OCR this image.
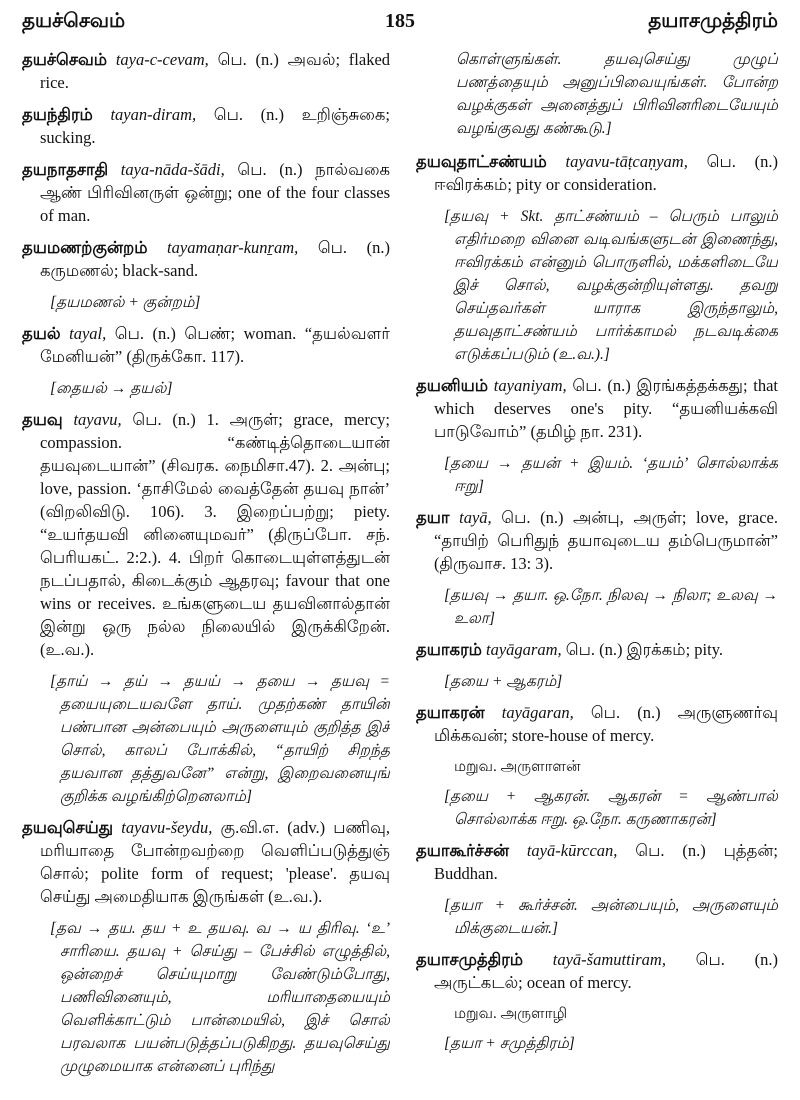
தயச்செவம்	185	தயாசமுத்திரம்

தயச்செவம் taya-c-cevam, பெ. (n.) அவல்; flaked rice.

தயந்திரம் tayan-diram, பெ. (n.) உறிஞ்சுகை; sucking.

தயநாதசாதி taya-nāda-šādi, பெ. (n.) நால்வகை ஆண் பிரிவினருள் ஒன்று; one of the four classes of man.

தயமணற்குன்றம் tayamaṇar-kunṟam, பெ. (n.) கருமணல்; black-sand.

[தயமணல் + குன்றம்]

தயல் tayal, பெ. (n.) பெண்; woman. “தயல்வளர் மேனியன்” (திருக்கோ. 117).

[தையல் → தயல்]

தயவு tayavu, பெ. (n.) 1. அருள்; grace, mercy; compassion. “கண்டித்தொடையான் தயவுடையான்” (சிவரக. நைமிசா.47). 2. அன்பு; love, passion. ‘தாசிமேல் வைத்தேன் தயவு நான்’ (விறலிவிடு. 106). 3. இறைப்பற்று; piety. “உயர்தயவி னினையுமவர்” (திருப்போ. சந். பெரியகட். 2:2.). 4. பிறர் கொடையுள்ளத்துடன் நடப்பதால், கிடைக்கும் ஆதரவு; favour that one wins or receives. உங்களுடைய தயவினால்தான் இன்று ஒரு நல்ல நிலையில் இருக்கிறேன். (உ.வ.).

[தாய் → தய் → தயய் → தயை → தயவு = தயையுடையவளே தாய். முதற்கண் தாயின் பண்பான அன்பையும் அருளையும் குறித்த இச் சொல், காலப் போக்கில், “தாயிற் சிறந்த தயவான தத்துவனே” என்று, இறைவனையுங் குறிக்க வழங்கிற்றெனலாம்]

தயவுசெய்து tayavu-šeydu, கு.வி.எ. (adv.) பணிவு, மரியாதை போன்றவற்றை வெளிப்படுத்துஞ் சொல்; polite form of request; 'please'. தயவு செய்து அமைதியாக இருங்கள் (உ.வ.).

[தவ → தய. தய + உ தயவு. வ → ய திரிவு. ‘உ’ சாரியை. தயவு + செய்து – பேச்சில் எழுத்தில், ஒன்றைச் செய்யுமாறு வேண்டும்போது, பணிவினையும், மரியாதையையும் வெளிக்காட்டும் பான்மையில், இச் சொல் பரவலாக பயன்படுத்தப்படுகிறது. தயவுசெய்து முழுமையாக என்னைப் புரிந்து

கொள்ளுங்கள். தயவுசெய்து முழுப் பணத்தையும் அனுப்பிவையுங்கள். போன்ற வழக்குகள் அனைத்துப் பிரிவினரிடையேயும் வழங்குவது கண்கூடு.]

தயவுதாட்சண்யம் tayavu-tāṭcaṇyam, பெ. (n.) ஈவிரக்கம்; pity or consideration.

[தயவு + Skt. தாட்சண்யம் – பெரும் பாலும் எதிர்மறை வினை வடிவங்களுடன் இணைந்து, ஈவிரக்கம் என்னும் பொருளில், மக்களிடையே இச் சொல், வழக்குன்றியுள்ளது. தவறு செய்தவர்கள் யாராக இருந்தாலும், தயவுதாட்சண்யம் பார்க்காமல் நடவடிக்கை எடுக்கப்படும் (உ.வ.).]

தயனியம் tayaniyam, பெ. (n.) இரங்கத்தக்கது; that which deserves one's pity. “தயனியக்கவி பாடுவோம்” (தமிழ் நா. 231).

[தயை → தயன் + இயம். ‘தயம்’ சொல்லாக்க ஈறு]

தயா tayā, பெ. (n.) அன்பு, அருள்; love, grace. “தாயிற் பெரிதுந் தயாவுடைய தம்பெருமான்” (திருவாச. 13: 3).

[தயவு → தயா. ஒ.நோ. நிலவு → நிலா; உலவு → உலா]

தயாகரம் tayāgaram, பெ. (n.) இரக்கம்; pity.

[தயை + ஆகரம்]

தயாகரன் tayāgaran, பெ. (n.) அருளுணர்வு மிக்கவன்; store-house of mercy.

மறுவ. அருளாளன்

[தயை + ஆகரன். ஆகரன் = ஆண்பால் சொல்லாக்க ஈறு. ஒ.நோ. கருணாகரன்]

தயாகூர்ச்சன் tayā-kūrccan, பெ. (n.) புத்தன்; Buddhan.

[தயா + கூர்ச்சன். அன்பையும், அருளையும் மிக்குடையன்.]

தயாசமுத்திரம் tayā-šamuttiram, பெ. (n.) அருட்கடல்; ocean of mercy.

மறுவ. அருளாழி

[தயா + சமுத்திரம்]
